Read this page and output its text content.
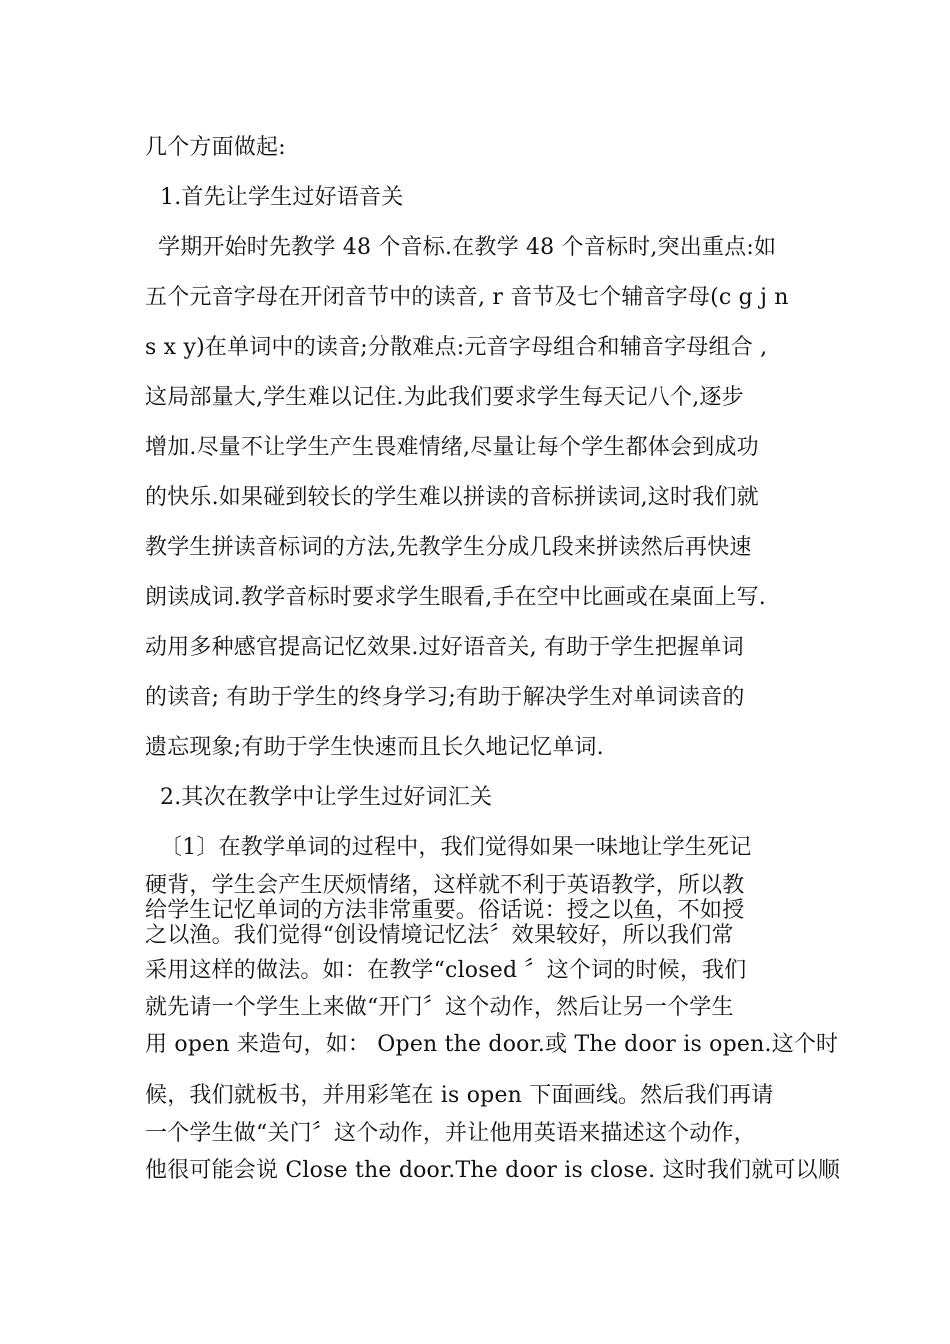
几个方面做起:
1.首先让学生过好语音关
学期开始时先教学 48 个音标.在教学 48 个音标时,突出重点:如
五个元音字母在开闭音节中的读音, r 音节及七个辅音字母(c g j n
s x y)在单词中的读音;分散难点:元音字母组合和辅音字母组合 ,
这局部量大,学生难以记住.为此我们要求学生每天记八个,逐步
增加.尽量不让学生产生畏难情绪,尽量让每个学生都体会到成功
的快乐.如果碰到较长的学生难以拼读的音标拼读词,这时我们就
教学生拼读音标词的方法,先教学生分成几段来拼读然后再快速
朗读成词.教学音标时要求学生眼看,手在空中比画或在桌面上写.
动用多种感官提高记忆效果.过好语音关, 有助于学生把握单词
的读音; 有助于学生的终身学习;有助于解决学生对单词读音的
遗忘现象;有助于学生快速而且长久地记忆单词.
2.其次在教学中让学生过好词汇关
〔1〕在教学单词的过程中，我们觉得如果一味地让学生死记
硬背，学生会产生厌烦情绪，这样就不利于英语教学，所以教
给学生记忆单词的方法非常重要。俗话说：授之以鱼，不如授
之以渔。我们觉得“创设情境记忆法〞效果较好，所以我们常
采用这样的做法。如：在教学“closed 〞这个词的时候，我们
就先请一个学生上来做“开门〞这个动作，然后让另一个学生
用 open 来造句，如： Open the door.或 The door is open.这个时
候，我们就板书，并用彩笔在 is open 下面画线。然后我们再请
一个学生做“关门〞这个动作，并让他用英语来描述这个动作，
他很可能会说 Close the door.The door is close. 这时我们就可以顺
